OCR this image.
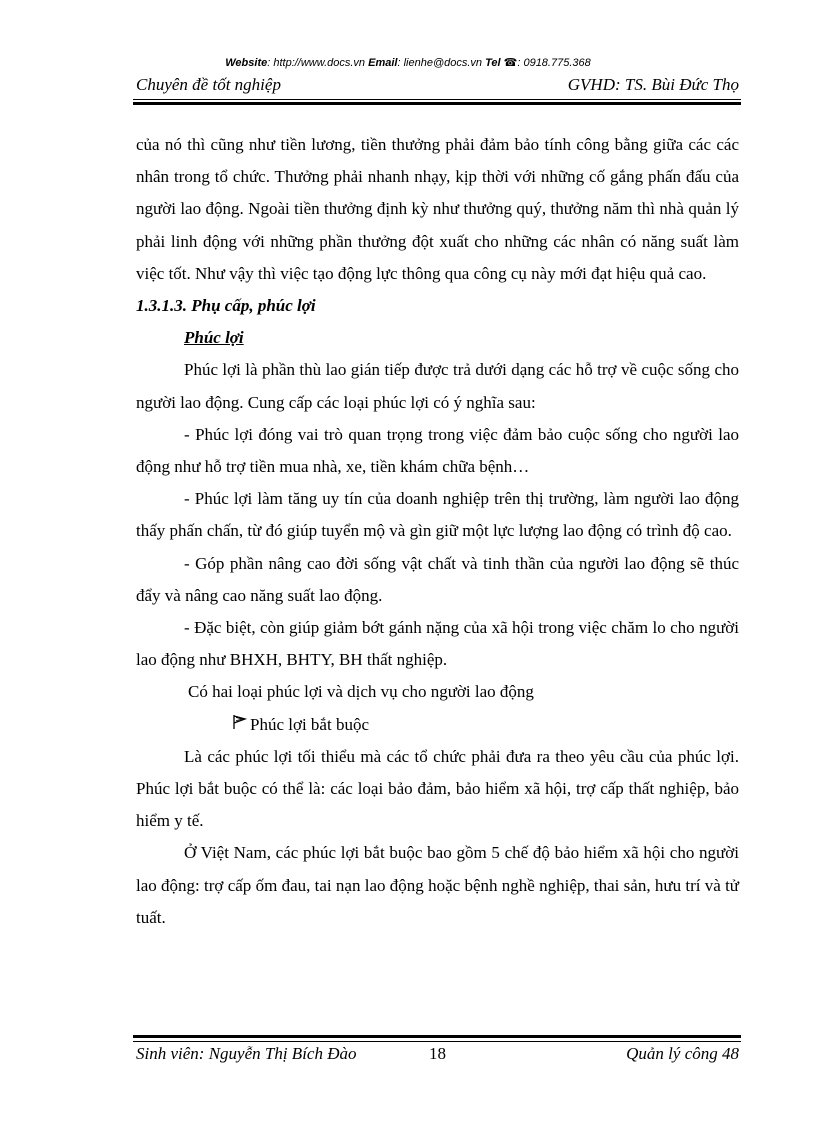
Website: http://www.docs.vn Email: lienhe@docs.vn Tel ☎: 0918.775.368
Chuyên đề tốt nghiệp	GVHD: TS. Bùi Đức Thọ

của nó thì cũng như tiền lương, tiền thưởng phải đảm bảo tính công bằng giữa các các nhân trong tổ chức. Thưởng phải nhanh nhạy, kịp thời với những cố gắng phấn đấu của người lao động. Ngoài tiền thưởng định kỳ như thưởng quý, thưởng năm thì nhà quản lý phải linh động với những phần thưởng đột xuất cho những các nhân có năng suất làm việc tốt. Như vậy thì việc tạo động lực thông qua công cụ này mới đạt hiệu quả cao.

1.3.1.3. Phụ cấp, phúc lợi

Phúc lợi

Phúc lợi là phần thù lao gián tiếp được trả dưới dạng các hỗ trợ về cuộc sống cho người lao động. Cung cấp các loại phúc lợi có ý nghĩa sau:

- Phúc lợi đóng vai trò quan trọng trong việc đảm bảo cuộc sống cho người lao động như hỗ trợ tiền mua nhà, xe, tiền khám chữa bệnh…

- Phúc lợi làm tăng uy tín của doanh nghiệp trên thị trường, làm người lao động thấy phấn chấn, từ đó giúp tuyển mộ và gìn giữ một lực lượng lao động có trình độ cao.

- Góp phần nâng cao đời sống vật chất và tinh thần của người lao động sẽ thúc đẩy và nâng cao năng suất lao động.

- Đặc biệt, còn giúp giảm bớt gánh nặng của xã hội trong việc chăm lo cho người lao động như BHXH, BHTY, BH thất nghiệp.

Có hai loại phúc lợi và dịch vụ cho người lao động

Phúc lợi bắt buộc

Là các phúc lợi tối thiểu mà các tổ chức phải đưa ra theo yêu cầu của phúc lợi. Phúc lợi bắt buộc có thể là: các loại bảo đảm, bảo hiểm xã hội, trợ cấp thất nghiệp, bảo hiểm y tế.

Ở Việt Nam, các phúc lợi bắt buộc bao gồm 5 chế độ bảo hiểm xã hội cho người lao động: trợ cấp ốm đau, tai nạn lao động hoặc bệnh nghề nghiệp, thai sản, hưu trí và tử tuất.

Sinh viên: Nguyễn Thị Bích Đào	18	Quản lý công 48
